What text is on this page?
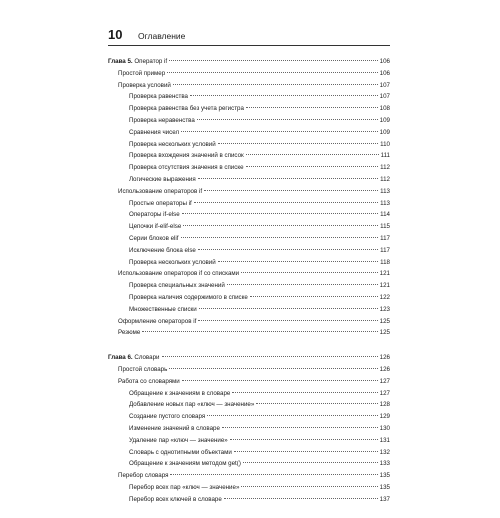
10 Оглавление
Глава 5. Оператор if	106
Простой пример	106
Проверка условий	107
Проверка равенства	107
Проверка равенства без учета регистра	108
Проверка неравенства	109
Сравнения чисел	109
Проверка нескольких условий	110
Проверка вхождения значений в список	111
Проверка отсутствия значения в списке	112
Логические выражения	112
Использование операторов if	113
Простые операторы if	113
Операторы if-else	114
Цепочки if-elif-else	115
Серии блоков elif	117
Исключение блока else	117
Проверка нескольких условий	118
Использование операторов if со списками	121
Проверка специальных значений	121
Проверка наличия содержимого в списке	122
Множественные списки	123
Оформление операторов if	125
Резюме	125
Глава 6. Словари	126
Простой словарь	126
Работа со словарями	127
Обращение к значениям в словаре	127
Добавление новых пар «ключ — значение»	128
Создание пустого словаря	129
Изменение значений в словаре	130
Удаление пар «ключ — значение»	131
Словарь с однотипными объектами	132
Обращение к значениям методом get()	133
Перебор словаря	135
Перебор всех пар «ключ — значение»	135
Перебор всех ключей в словаре	137
